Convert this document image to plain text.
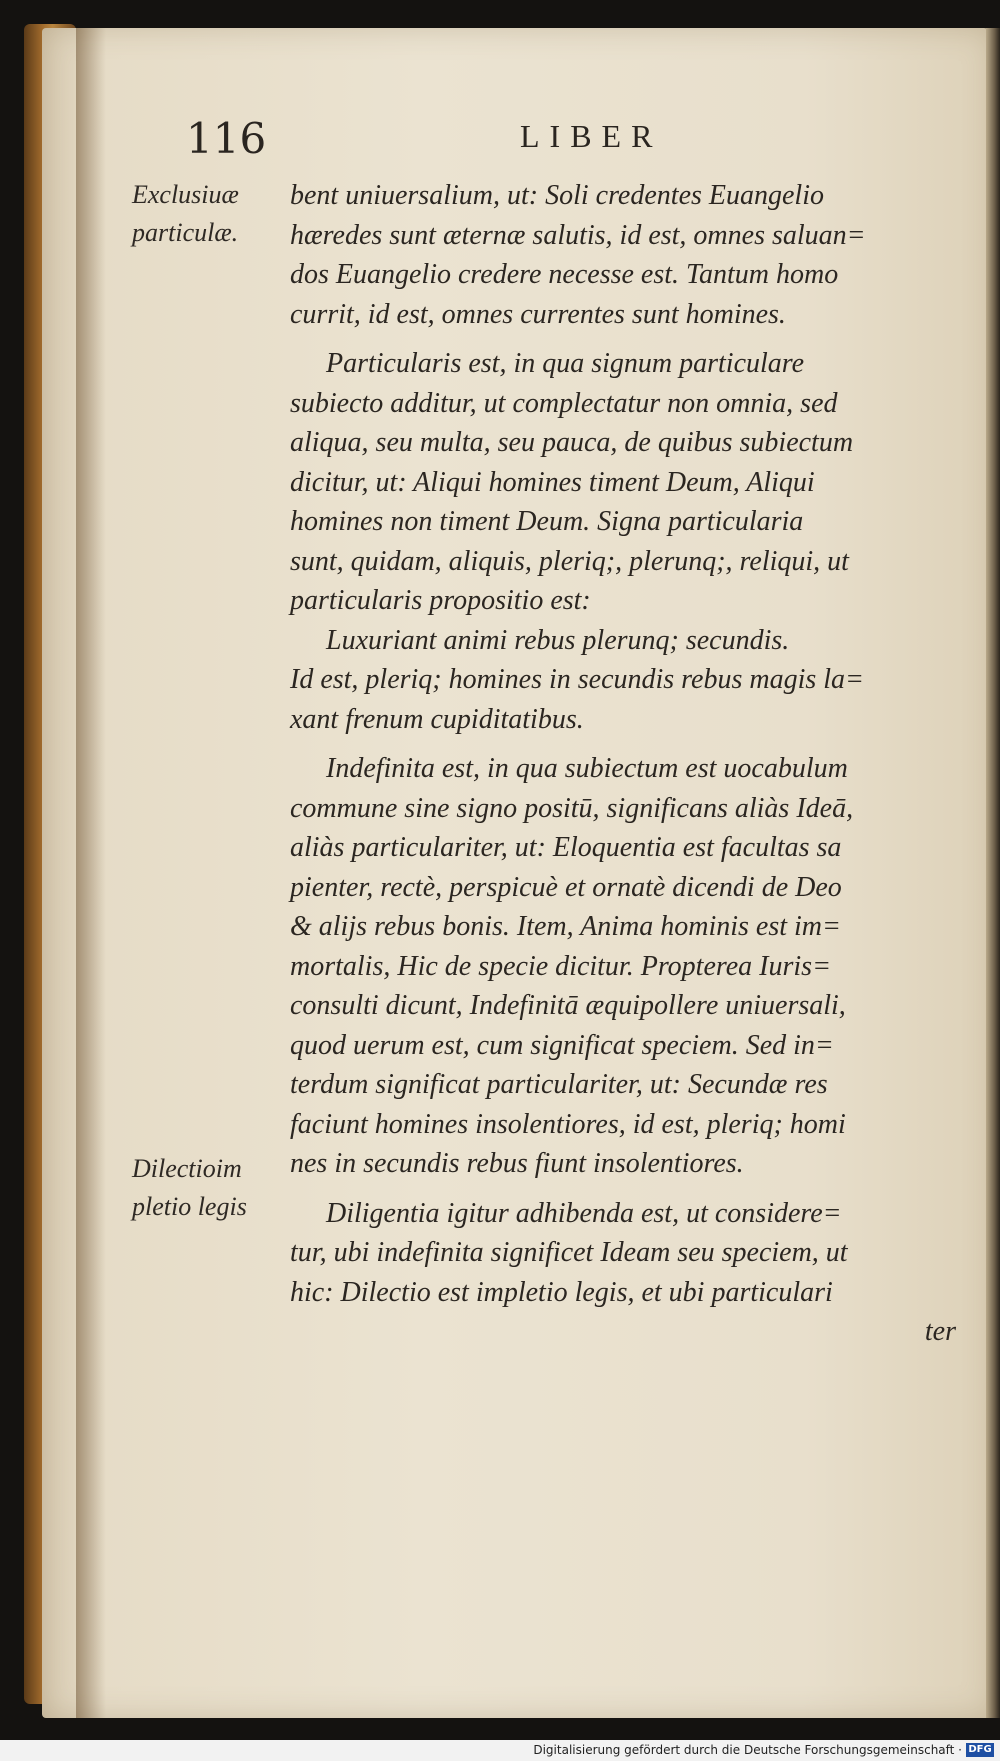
116	LIBER
Exclusiuæ
particulæ.
Dilectioim
pletio legis
bent uniuersalium, ut: Soli credentes Euangelio
hæredes sunt æternæ salutis, id est, omnes saluan=
dos Euangelio credere necesse est. Tantum homo
currit, id est, omnes currentes sunt homines.
Particularis est, in qua signum particulare
subiecto additur, ut complectatur non omnia, sed
aliqua, seu multa, seu pauca, de quibus subiectum
dicitur, ut: Aliqui homines timent Deum, Aliqui
homines non timent Deum. Signa particularia
sunt, quidam, aliquis, pleriq;, plerunq;, reliqui, ut
particularis propositio est:
Luxuriant animi rebus plerunq; secundis.
Id est, pleriq; homines in secundis rebus magis la=
xant frenum cupiditatibus.
Indefinita est, in qua subiectum est uocabulum
commune sine signo positū, significans aliàs Ideā,
aliàs particulariter, ut: Eloquentia est facultas sa
pienter, rectè, perspicuè et ornatè dicendi de Deo
& alijs rebus bonis. Item, Anima hominis est im=
mortalis, Hic de specie dicitur. Propterea Iuris=
consulti dicunt, Indefinitā æquipollere uniuersali,
quod uerum est, cum significat speciem. Sed in=
terdum significat particulariter, ut: Secundæ res
faciunt homines insolentiores, id est, pleriq; homi
nes in secundis rebus fiunt insolentiores.
Diligentia igitur adhibenda est, ut considere=
tur, ubi indefinita significet Ideam seu speciem, ut
hic: Dilectio est impletio legis, et ubi particulari
ter
Digitalisierung gefördert durch die Deutsche Forschungsgemeinschaft · DFG
